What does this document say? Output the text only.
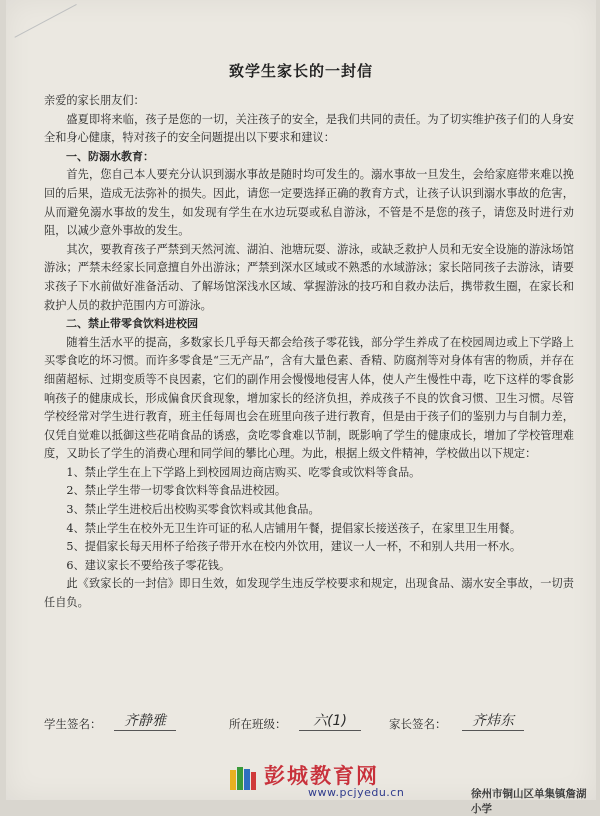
致学生家长的一封信

亲爱的家长朋友们：

盛夏即将来临，孩子是您的一切，关注孩子的安全，是我们共同的责任。为了切实维护孩子们的人身安全和身心健康，特对孩子的安全问题提出以下要求和建议：

一、防溺水教育：

首先，您自己本人要充分认识到溺水事故是随时均可发生的。溺水事故一旦发生，会给家庭带来难以挽回的后果，造成无法弥补的损失。因此，请您一定要选择正确的教育方式，让孩子认识到溺水事故的危害，从而避免溺水事故的发生，如发现有学生在水边玩耍或私自游泳，不管是不是您的孩子，请您及时进行劝阻，以减少意外事故的发生。

其次，要教育孩子严禁到天然河流、湖泊、池塘玩耍、游泳，或缺乏救护人员和无安全设施的游泳场馆游泳；严禁未经家长同意擅自外出游泳；严禁到深水区域或不熟悉的水域游泳；家长陪同孩子去游泳，请要求孩子下水前做好准备活动、了解场馆深浅水区域、掌握游泳的技巧和自救办法后，携带救生圈，在家长和救护人员的救护范围内方可游泳。

二、禁止带零食饮料进校园

随着生活水平的提高，多数家长几乎每天都会给孩子零花钱，部分学生养成了在校园周边或上下学路上买零食吃的坏习惯。而许多零食是“三无产品”，含有大量色素、香精、防腐剂等对身体有害的物质，并存在细菌超标、过期变质等不良因素，它们的副作用会慢慢地侵害人体，使人产生慢性中毒，吃下这样的零食影响孩子的健康成长，形成偏食厌食现象，增加家长的经济负担，养成孩子不良的饮食习惯、卫生习惯。尽管学校经常对学生进行教育，班主任每周也会在班里向孩子进行教育，但是由于孩子们的鉴别力与自制力差，仅凭自觉难以抵御这些花哨食品的诱惑，贪吃零食难以节制，既影响了学生的健康成长，增加了学校管理难度，又助长了学生的消费心理和同学间的攀比心理。为此，根据上级文件精神，学校做出以下规定：

1、禁止学生在上下学路上到校园周边商店购买、吃零食或饮料等食品。

2、禁止学生带一切零食饮料等食品进校园。

3、禁止学生进校后出校购买零食饮料或其他食品。

4、禁止学生在校外无卫生许可证的私人店铺用午餐，提倡家长接送孩子，在家里卫生用餐。

5、提倡家长每天用杯子给孩子带开水在校内外饮用，建议一人一杯，不和别人共用一杯水。

6、建议家长不要给孩子零花钱。

此《致家长的一封信》即日生效，如发现学生违反学校要求和规定，出现食品、溺水安全事故，一切责任自负。

学生签名：	齐静雅	所在班级：	六(1)	家长签名：	齐炜东
彭城教育网
徐州市铜山区单集镇詹湖小学
www.pcjyedu.cn
